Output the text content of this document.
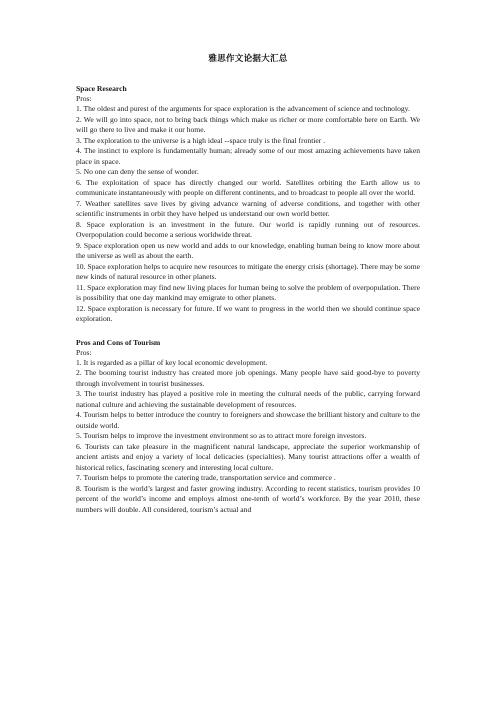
雅思作文论据大汇总
Space Research
Pros:

1. The oldest and purest of the arguments for space exploration is the advancement of science and technology.

2. We will go into space, not to bring back things which make us richer or more comfortable here on Earth. We will go there to live and make it our home.

3. The exploration to the universe is a high ideal --space truly is the final frontier .

4. The instinct to explore is fundamentally human; already some of our most amazing achievements have taken place in space.

5. No one can deny the sense of wonder.

6. The exploitation of space has directly changed our world. Satellites orbiting the Earth allow us to communicate instantaneously with people on different continents, and to broadcast to people all over the world.

7. Weather satellites save lives by giving advance warning of adverse conditions, and together with other scientific instruments in orbit they have helped us understand our own world better.

8. Space exploration is an investment in the future. Our world is rapidly running out of resources. Overpopulation could become a serious worldwide threat.

9. Space exploration open us new world and adds to our knowledge, enabling human being to know more about the universe as well as about the earth.

10. Space exploration helps to acquire new resources to mitigate the energy crisis (shortage). There may be some new kinds of natural resource in other planets.

11. Space exploration may find new living places for human being to solve the problem of overpopulation. There is possibility that one day mankind may emigrate to other planets.

12. Space exploration is necessary for future. If we want to progress in the world then we should continue space exploration.

Pros and Cons of Tourism
Pros:

1. It is regarded as a pillar of key local economic development.

2. The booming tourist industry has created more job openings. Many people have said good-bye to poverty through involvement in tourist businesses.

3. The tourist industry has played a positive role in meeting the cultural needs of the public, carrying forward national culture and achieving the sustainable development of resources.

4. Tourism helps to better introduce the country to foreigners and showcase the brilliant history and culture to the outside world.

5. Tourism helps to improve the investment environment so as to attract more foreign investors.

6. Tourists can take pleasure in the magnificent natural landscape, appreciate the superior workmanship of ancient artists and enjoy a variety of local delicacies (specialties). Many tourist attractions offer a wealth of historical relics, fascinating scenery and interesting local culture.

7. Tourism helps to promote the catering trade, transportation service and commerce .

8. Tourism is the world’s largest and faster growing industry. According to recent statistics, tourism provides 10 percent of the world’s income and employs almost one-tenth of world’s workforce. By the year 2010, these numbers will double. All considered, tourism’s actual and
